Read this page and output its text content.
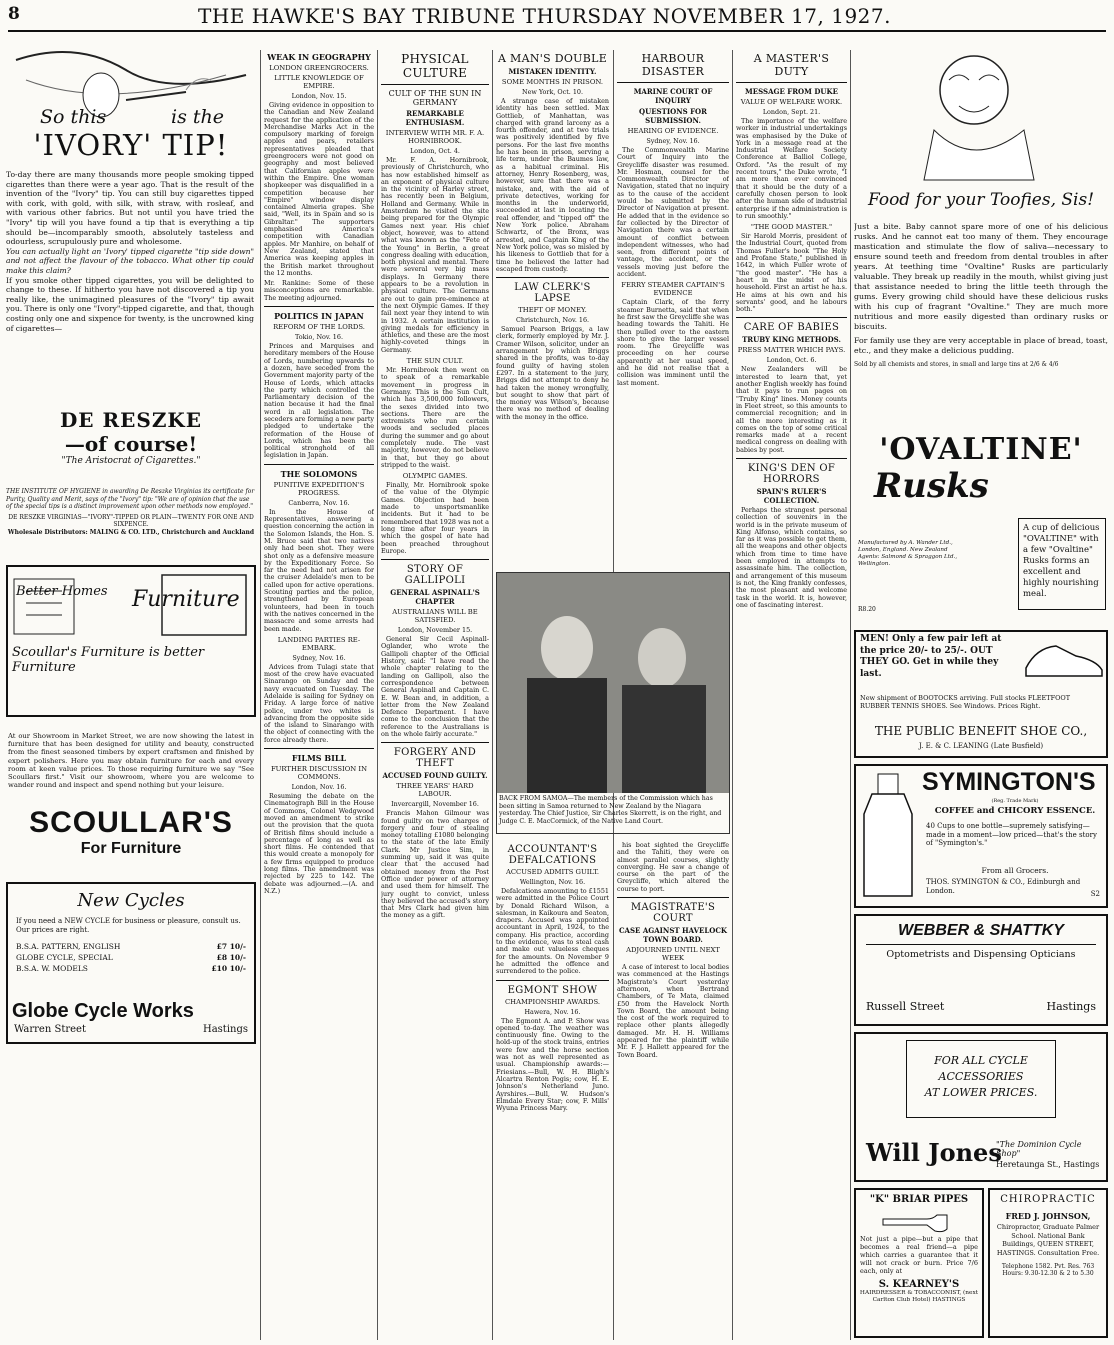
8	THE HAWKE'S BAY TRIBUNE THURSDAY NOVEMBER 17, 1927.
So this	is the
'IVORY' TIP!
To-day there are many thousands more people smoking tipped cigarettes than there were a year ago. That is the result of the invention of the "Ivory" tip. You can still buy cigarettes tipped with cork, with gold, with silk, with straw, with rosleaf, and with various other fabrics. But not until you have tried the "Ivory" tip will you have found a tip that is everything a tip should be—incomparably smooth, absolutely tasteless and odourless, scrupulously pure and wholesome.
You can actually light an 'Ivory' tipped cigarette "tip side down" and not affect the flavour of the tobacco. What other tip could make this claim?
If you smoke other tipped cigarettes, you will be delighted to change to these. If hitherto you have not discovered a tip you really like, the unimagined pleasures of the "Ivory" tip await you. There is only one "Ivory"-tipped cigarette, and that, though costing only one and sixpence for twenty, is the uncrowned king of cigarettes—
DE RESZKE
—of course!
"The Aristocrat of Cigarettes."
THE INSTITUTE OF HYGIENE in awarding De Reszke Virginias its certificate for Purity, Quality and Merit, says of the "Ivory" tip: "We are of opinion that the use of the special tips is a distinct improvement upon other methods now employed."
DE RESZKE VIRGINIAS—"IVORY"-TIPPED OR PLAIN—TWENTY FOR ONE AND SIXPENCE.
Wholesale Distributors: MALING & CO. LTD., Christchurch and Auckland
Better Homes Furniture
Scoullar's Furniture is better Furniture
At our Showroom in Market Street, we are now showing the latest in furniture that has been designed for utility and beauty, constructed from the finest seasoned timbers by expert craftsmen and finished by expert polishers. Here you may obtain furniture for each and every room at keen value prices. To those requiring furniture we say "See Scoullars first." Visit our showroom, where you are welcome to wander round and inspect and spend nothing but your leisure.
SCOULLAR'S
For Furniture
New Cycles
If you need a NEW CYCLE for business or pleasure, consult us. Our prices are right.
B.S.A. PATTERN, ENGLISH	£7 10/-
GLOBE CYCLE, SPECIAL	£8 10/-
B.S.A. W. MODELS	£10 10/-
Globe Cycle Works
Warren Street	Hastings
WEAK IN GEOGRAPHY
LONDON GREENGROCERS.
LITTLE KNOWLEDGE OF EMPIRE.
London, Nov. 15.

Giving evidence in opposition to the Canadian and New Zealand request for the application of the Merchandise Marks Act in the compulsory marking of foreign apples and pears, retailers representatives pleaded that greengrocers were not good on geography and most believed that Californian apples were within the Empire. One woman shopkeeper was disqualified in a competition because her "Empire" window display contained Almeria grapes. She said, "Well, its in Spain and so is Gibraltar." The supporters emphasised America's competition with Canadian apples. Mr Manhire, on behalf of New Zealand, stated that America was keeping apples in the British market throughout the 12 months.

Mr. Rankine: Some of these misconceptions are remarkable. The meeting adjourned.

POLITICS IN JAPAN
REFORM OF THE LORDS.
Tokio, Nov. 16.

Princes and Marquises and hereditary members of the House of Lords, numbering upwards to a dozen, have seceded from the Government majority party of the House of Lords, which attacks the party which controlled the Parliamentary decision of the nation because it had the final word in all legislation. The seceders are forming a new party pledged to undertake the reformation of the House of Lords, which has been the political stronghold of all legislation in Japan.

THE SOLOMONS
PUNITIVE EXPEDITION'S PROGRESS.
Canberra, Nov. 16.

In the House of Representatives, answering a question concerning the action in the Solomon Islands, the Hon. S. M. Bruce said that two natives only had been shot. They were shot only as a defensive measure by the Expeditionary Force. So far the need had not arisen for the cruiser Adelaide's men to be called upon for active operations. Scouting parties and the police, strengthened by European volunteers, had been in touch with the natives concerned in the massacre and some arrests had been made.

LANDING PARTIES RE-EMBARK.
Sydney, Nov. 16.

Advices from Tulagi state that most of the crew have evacuated Sinarango on Sunday and the navy evacuated on Tuesday. The Adelaide is sailing for Sydney on Friday. A large force of native police, under two whites is advancing from the opposite side of the island to Sinarango with the object of connecting with the force already there.

FILMS BILL
FURTHER DISCUSSION IN COMMONS.
London, Nov. 16.

Resuming the debate on the Cinematograph Bill in the House of Commons, Colonel Wedgwood moved an amendment to strike out the provision that the quota of British films should include a percentage of long as well as short films. He contended that this would create a monopoly for a few firms equipped to produce long films. The amendment was rejected by 225 to 142. The debate was adjourned.—(A. and N.Z.)

PHYSICAL CULTURE
CULT OF THE SUN IN GERMANY
REMARKABLE ENTHUSIASM.
INTERVIEW WITH MR. F. A. HORNIBROOK.
London, Oct. 4.

Mr. F. A. Hornibrook, previously of Christchurch, who has now established himself as an exponent of physical culture in the vicinity of Harley street, has recently been in Belgium, Holland and Germany. While in Amsterdam he visited the site being prepared for the Olympic Games next year. His chief object, however, was to attend what was known as the "Fete of the Young" in Berlin, a great congress dealing with education, both physical and mental. There were several very big mass displays. In Germany there appears to be a revolution in physical culture. The Germans are out to gain pre-eminence at the next Olympic Games. If they fail next year they intend to win in 1932. A certain institution is giving medals for efficiency in athletics, and these are the most highly-coveted things in Germany.

THE SUN CULT.

Mr. Hornibrook then went on to speak of a remarkable movement in progress in Germany. This is the Sun Cult, which has 3,500,000 followers, the sexes divided into two sections. There are the extremists who run certain woods and secluded places during the summer and go about completely nude. The vast majority, however, do not believe in that, but they go about stripped to the waist.

OLYMPIC GAMES.

Finally, Mr. Hornibrook spoke of the value of the Olympic Games. Objection had been made to unsportsmanlike incidents. But it had to be remembered that 1928 was not a long time after four years in which the gospel of hate had been preached throughout Europe.

STORY OF GALLIPOLI
GENERAL ASPINALL'S CHAPTER
AUSTRALIANS WILL BE SATISFIED.
London, November 15.

General Sir Cecil Aspinall-Oglander, who wrote the Gallipoli chapter of the Official History, said: "I have read the whole chapter relating to the landing on Gallipoli, also the correspondence between General Aspinall and Captain C. E. W. Bean and, in addition, a letter from the New Zealand Defence Department. I have come to the conclusion that the reference to the Australians is on the whole fairly accurate."

FORGERY AND THEFT
ACCUSED FOUND GUILTY.
THREE YEARS' HARD LABOUR.
Invercargill, November 16.

Francis Mahon Gilmour was found guilty on two charges of forgery and four of stealing money totalling £1080 belonging to the state of the late Emily Clark. Mr Justice Sim, in summing up, said it was quite clear that the accused had obtained money from the Post Office under power of attorney and used them for himself. The jury ought to convict, unless they believed the accused's story that Mrs Clark had given him the money as a gift.

A MAN'S DOUBLE
MISTAKEN IDENTITY.
SOME MONTHS IN PRISON.
New York, Oct. 10.

A strange case of mistaken identity has been settled. Max Gottlieb, of Manhattan, was charged with grand larceny as a fourth offender, and at two trials was positively identified by five persons. For the last five months he has been in prison, serving a life term, under the Baumes law, as a habitual criminal. His attorney, Henry Rosenberg, was, however, sure that there was a mistake, and, with the aid of private detectives, working for months in the underworld, succeeded at last in locating the real offender, and "tipped off" the New York police. Abraham Schwartz, of the Bronx, was arrested, and Captain King of the New York police, was so misled by his likeness to Gottlieb that for a time he believed the latter had escaped from custody.

LAW CLERK'S LAPSE
THEFT OF MONEY.
Christchurch, Nov. 16.

Samuel Pearson Briggs, a law clerk, formerly employed by Mr. J. Cramer Wilson, solicitor, under an arrangement by which Briggs shared in the profits, was to-day found guilty of having stolen £297. In a statement to the jury, Briggs did not attempt to deny he had taken the money wrongfully, but sought to show that part of the money was Wilson's, because there was no method of dealing with the money in the office.

HARBOUR DISASTER
MARINE COURT OF INQUIRY
QUESTIONS FOR SUBMISSION.
HEARING OF EVIDENCE.
Sydney, Nov. 16.

The Commonwealth Marine Court of Inquiry into the Greycliffe disaster was resumed. Mr. Hosman, counsel for the Commonwealth Director of Navigation, stated that no inquiry as to the cause of the accident would be submitted by the Director of Navigation at present. He added that in the evidence so far collected by the Director of Navigation there was a certain amount of conflict between independent witnesses, who had seen, from different points of vantage, the accident, or the vessels moving just before the accident.

FERRY STEAMER CAPTAIN'S EVIDENCE

Captain Clark, of the ferry steamer Burnetta, said that when he first saw the Greycliffe she was heading towards the Tahiti. He then pulled over to the eastern shore to give the larger vessel room. The Greycliffe was proceeding on her course apparently at her usual speed, and he did not realise that a collision was imminent until the last moment.

BACK FROM SAMOA—The members of the Commission which has been sitting in Samoa returned to New Zealand by the Niagara yesterday. The Chief Justice, Sir Charles Skerrett, is on the right, and Judge C. E. MacCormick, of the Native Land Court.
ACCOUNTANT'S DEFALCATIONS
ACCUSED ADMITS GUILT.
Wellington, Nov. 16.

Defalcations amounting to £1551 were admitted in the Police Court by Donald Richard Wilson, a salesman, in Kaikoura and Seaton, drapers. Accused was appointed accountant in April, 1924, to the company. His practice, according to the evidence, was to steal cash and make out valueless cheques for the amounts. On November 9 he admitted the offence and surrendered to the police.

EGMONT SHOW
CHAMPIONSHIP AWARDS.
Hawera, Nov. 16.

The Egmont A. and P. Show was opened to-day. The weather was continuously fine. Owing to the hold-up of the stock trains, entries were few and the horse section was not as well represented as usual. Championship awards:—Friesians.—Bull, W. H. Bligh's Alcartra Renton Pogis; cow, H. E. Johnson's Netherland Juno. Ayrshires.—Bull, W. Hudson's Elmdale Every Star; cow, F. Mills' Wyuna Princess Mary.

his boat sighted the Greycliffe and the Tahiti, they were on almost parallel courses, slightly converging. He saw a change of course on the part of the Greycliffe, which altered the course to port.

MAGISTRATE'S COURT
CASE AGAINST HAVELOCK TOWN BOARD.
ADJOURNED UNTIL NEXT WEEK

A case of interest to local bodies was commenced at the Hastings Magistrate's Court yesterday afternoon, when Bertrand Chambers, of Te Mata, claimed £50 from the Havelock North Town Board, the amount being the cost of the work required to replace other plants allegedly damaged. Mr. H. H. Williams appeared for the plaintiff while Mr. F. J. Hallett appeared for the Town Board.

A MASTER'S DUTY
MESSAGE FROM DUKE
VALUE OF WELFARE WORK.
London, Sept. 21.

The importance of the welfare worker in industrial undertakings was emphasised by the Duke of York in a message read at the Industrial Welfare Society Conference at Balliol College, Oxford. "As the result of my recent tours," the Duke wrote, "I am more than ever convinced that it should be the duty of a carefully chosen person to look after the human side of industrial enterprise if the administration is to run smoothly."

"THE GOOD MASTER."

Sir Harold Morris, president of the Industrial Court, quoted from Thomas Fuller's book "The Holy and Profane State," published in 1642, in which Fuller wrote of "the good master". "He has a heart in the midst of his household. First an artist he ha.s. He aims at his own and his servants' good, and he labours both."

CARE OF BABIES
TRUBY KING METHODS.
PRESS MATTER WHICH PAYS.
London, Oct. 6.

New Zealanders will be interested to learn that, yet another English weekly has found that it pays to run pages on "Truby King" lines. Money counts in Fleet street, so this amounts to commercial recognition; and in all the more interesting as it comes on the top of some critical remarks made at a recent medical congress on dealing with babies by post.

KING'S DEN OF HORRORS
SPAIN'S RULER'S COLLECTION.

Perhaps the strangest personal collection of souvenirs in the world is in the private museum of King Alfonso, which contains, so far as it was possible to get them, all the weapons and other objects which from time to time have been employed in attempts to assassinate him. The collection, and arrangement of this museum is not, the King frankly confesses, the most pleasant and welcome task in the world. It is, however, one of fascinating interest.

Food for your Toofies, Sis!
Just a bite. Baby cannot spare more of one of his delicious rusks. And he cannot eat too many of them. They encourage mastication and stimulate the flow of saliva—necessary to ensure sound teeth and freedom from dental troubles in after years. At teething time "Ovaltine" Rusks are particularly valuable. They break up readily in the mouth, whilst giving just that assistance needed to bring the little teeth through the gums. Every growing child should have these delicious rusks with his cup of fragrant "Ovaltine." They are much more nutritious and more easily digested than ordinary rusks or biscuits.
For family use they are very acceptable in place of bread, toast, etc., and they make a delicious pudding.
Sold by all chemists and stores, in small and large tins at 2/6 & 4/6
'OVALTINE'
Rusks
Manufactured by A. Wander Ltd., London, England. New Zealand Agents: Salmond & Spraggon Ltd., Wellington.
A cup of delicious "OVALTINE" with a few "Ovaltine" Rusks forms an excellent and highly nourishing meal.
R8.20
MEN! Only a few pair left at the price 20/- to 25/-. OUT THEY GO. Get in while they last.
New shipment of BOOTOCKS arriving. Full stocks FLEETFOOT RUBBER TENNIS SHOES. See Windows. Prices Right.
THE PUBLIC BENEFIT SHOE CO.,
J. E. & C. LEANING (Late Busfield)
SYMINGTON'S
(Reg. Trade Mark)
COFFEE and CHICORY ESSENCE.
40 Cups to one bottle—supremely satisfying—made in a moment—low priced—that's the story of "Symington's."
From all Grocers.
THOS. SYMINGTON & CO., Edinburgh and London.	S2
WEBBER & SHATTKY
Optometrists and Dispensing Opticians
Russell Street	Hastings
FOR ALL CYCLE
ACCESSORIES
AT LOWER PRICES.
Will Jones
"The Dominion Cycle Shop"
Heretaunga St., Hastings
"K" BRIAR PIPES
Not just a pipe—but a pipe that becomes a real friend—a pipe which carries a guarantee that it will not crack or burn. Price 7/6 each, only at
S. KEARNEY'S
HAIRDRESSER & TOBACCONIST, (next Carlton Club Hotel) HASTINGS
CHIROPRACTIC
FRED J. JOHNSON,
Chiropractor, Graduate Palmer School. National Bank Buildings, QUEEN STREET, HASTINGS. Consultation Free.
Telephone 1582. Pvt. Res. 763
Hours: 9.30-12.30 & 2 to 5.30
